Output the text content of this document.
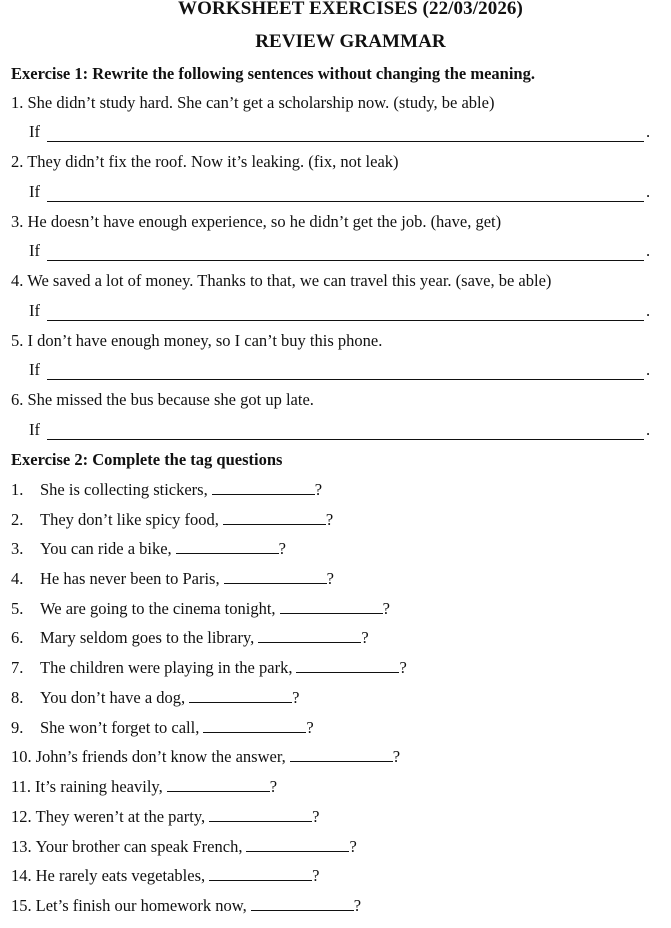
WORKSHEET EXERCISES (22/03/2026)
REVIEW GRAMMAR
Exercise 1: Rewrite the following sentences without changing the meaning.
1. She didn’t study hard. She can’t get a scholarship now. (study, be able)
If	.
2. They didn’t fix the roof. Now it’s leaking. (fix, not leak)
If	.
3. He doesn’t have enough experience, so he didn’t get the job. (have, get)
If	.
4. We saved a lot of money. Thanks to that, we can travel this year. (save, be able)
If	.
5. I don’t have enough money, so I can’t buy this phone.
If	.
6. She missed the bus because she got up late.
If	.
Exercise 2: Complete the tag questions
1. She is collecting stickers,	?
2. They don’t like spicy food,	?
3. You can ride a bike,	?
4. He has never been to Paris,	?
5. We are going to the cinema tonight,	?
6. Mary seldom goes to the library,	?
7. The children were playing in the park,	?
8. You don’t have a dog,	?
9. She won’t forget to call,	?
10. John’s friends don’t know the answer,	?
11. It’s raining heavily,	?
12. They weren’t at the party,	?
13. Your brother can speak French,	?
14. He rarely eats vegetables,	?
15. Let’s finish our homework now,	?
